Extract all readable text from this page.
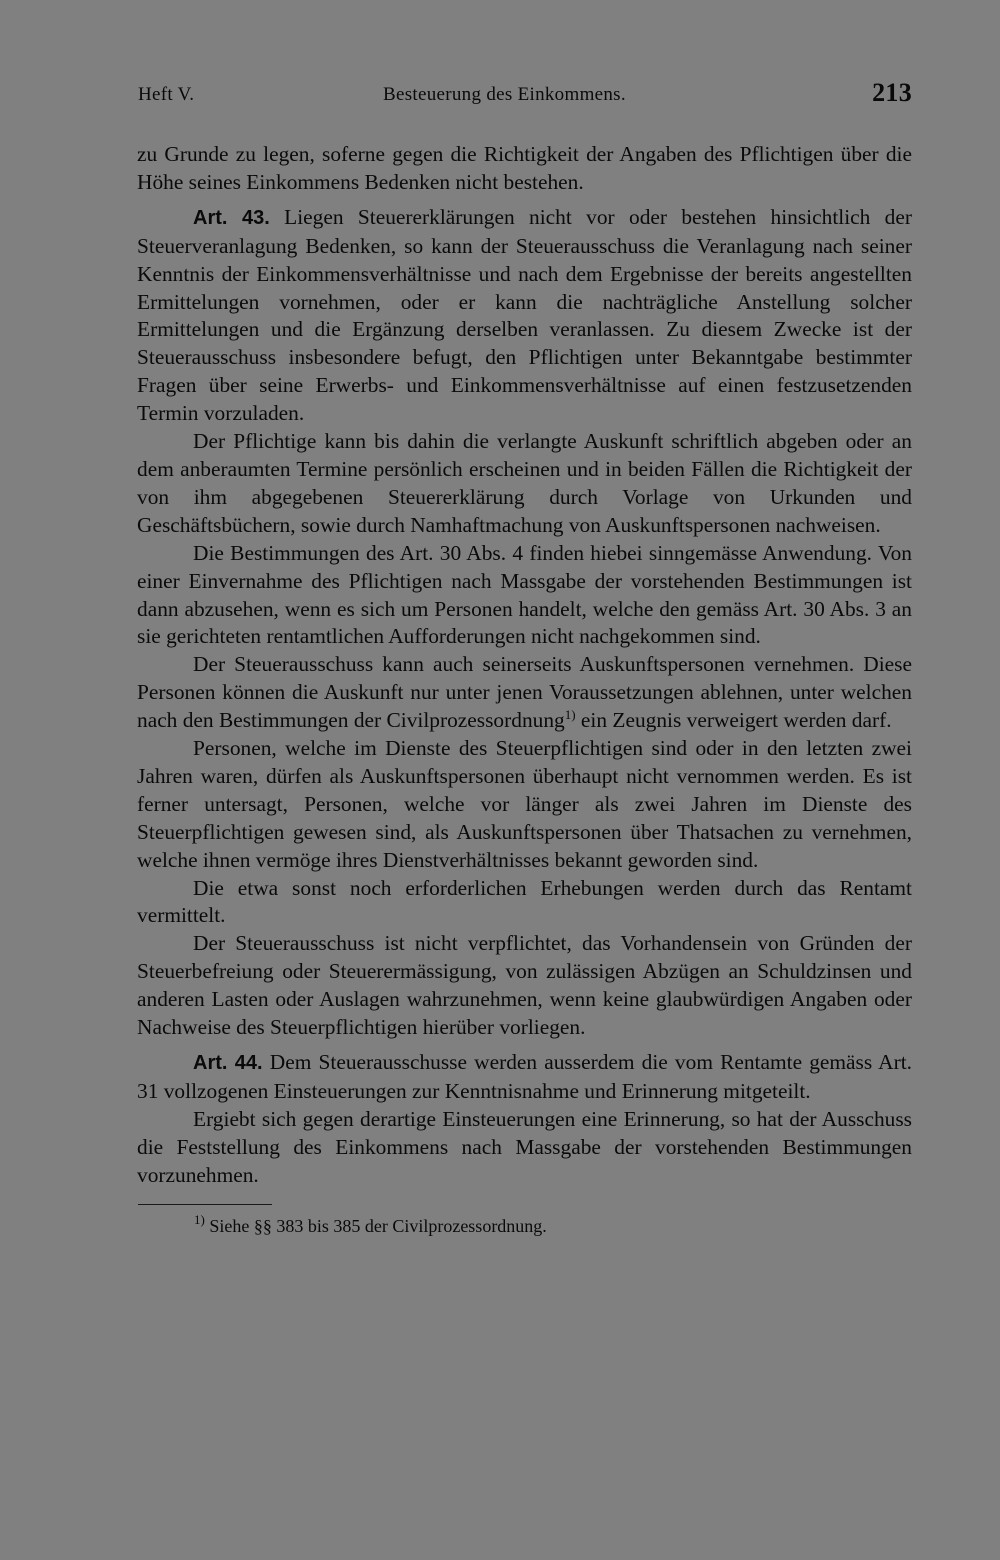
Heft V.	Besteuerung des Einkommens.	213

zu Grunde zu legen, soferne gegen die Richtigkeit der Angaben des Pflichtigen über die Höhe seines Einkommens Bedenken nicht bestehen.

Art. 43. Liegen Steuererklärungen nicht vor oder bestehen hinsichtlich der Steuerveranlagung Bedenken, so kann der Steuerausschuss die Veranlagung nach seiner Kenntnis der Einkommensverhältnisse und nach dem Ergebnisse der bereits angestellten Ermittelungen vornehmen, oder er kann die nachträgliche Anstellung solcher Ermittelungen und die Ergänzung derselben veranlassen. Zu diesem Zwecke ist der Steuerausschuss insbesondere befugt, den Pflichtigen unter Bekanntgabe bestimmter Fragen über seine Erwerbs- und Einkommensverhältnisse auf einen festzusetzenden Termin vorzuladen.

Der Pflichtige kann bis dahin die verlangte Auskunft schriftlich abgeben oder an dem anberaumten Termine persönlich erscheinen und in beiden Fällen die Richtigkeit der von ihm abgegebenen Steuererklärung durch Vorlage von Urkunden und Geschäftsbüchern, sowie durch Namhaftmachung von Auskunftspersonen nachweisen.

Die Bestimmungen des Art. 30 Abs. 4 finden hiebei sinngemässe Anwendung. Von einer Einvernahme des Pflichtigen nach Massgabe der vorstehenden Bestimmungen ist dann abzusehen, wenn es sich um Personen handelt, welche den gemäss Art. 30 Abs. 3 an sie gerichteten rentamtlichen Aufforderungen nicht nachgekommen sind.

Der Steuerausschuss kann auch seinerseits Auskunftspersonen vernehmen. Diese Personen können die Auskunft nur unter jenen Voraussetzungen ablehnen, unter welchen nach den Bestimmungen der Civilprozessordnung$^{1)}$ ein Zeugnis verweigert werden darf.

Personen, welche im Dienste des Steuerpflichtigen sind oder in den letzten zwei Jahren waren, dürfen als Auskunftspersonen überhaupt nicht vernommen werden. Es ist ferner untersagt, Personen, welche vor länger als zwei Jahren im Dienste des Steuerpflichtigen gewesen sind, als Auskunftspersonen über Thatsachen zu vernehmen, welche ihnen vermöge ihres Dienstverhältnisses bekannt geworden sind.

Die etwa sonst noch erforderlichen Erhebungen werden durch das Rentamt vermittelt.

Der Steuerausschuss ist nicht verpflichtet, das Vorhandensein von Gründen der Steuerbefreiung oder Steuerermässigung, von zulässigen Abzügen an Schuldzinsen und anderen Lasten oder Auslagen wahrzunehmen, wenn keine glaubwürdigen Angaben oder Nachweise des Steuerpflichtigen hierüber vorliegen.

Art. 44. Dem Steuerausschusse werden ausserdem die vom Rentamte gemäss Art. 31 vollzogenen Einsteuerungen zur Kenntnisnahme und Erinnerung mitgeteilt.

Ergiebt sich gegen derartige Einsteuerungen eine Erinnerung, so hat der Ausschuss die Feststellung des Einkommens nach Massgabe der vorstehenden Bestimmungen vorzunehmen.

$^{1)}$ Siehe §§ 383 bis 385 der Civilprozessordnung.
